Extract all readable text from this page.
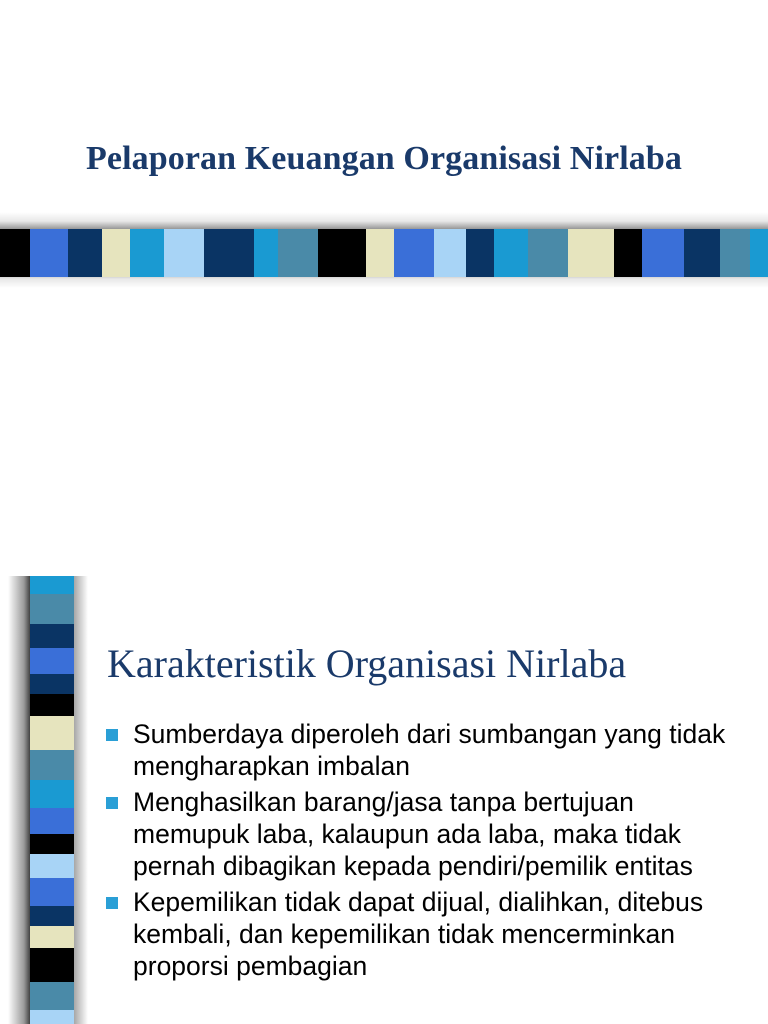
Pelaporan Keuangan Organisasi Nirlaba
Karakteristik Organisasi Nirlaba
Sumberdaya diperoleh dari sumbangan yang tidak mengharapkan imbalan
Menghasilkan barang/jasa tanpa bertujuan memupuk laba, kalaupun ada laba, maka tidak pernah dibagikan kepada pendiri/pemilik entitas
Kepemilikan tidak dapat dijual, dialihkan, ditebus kembali, dan kepemilikan tidak mencerminkan proporsi pembagian
